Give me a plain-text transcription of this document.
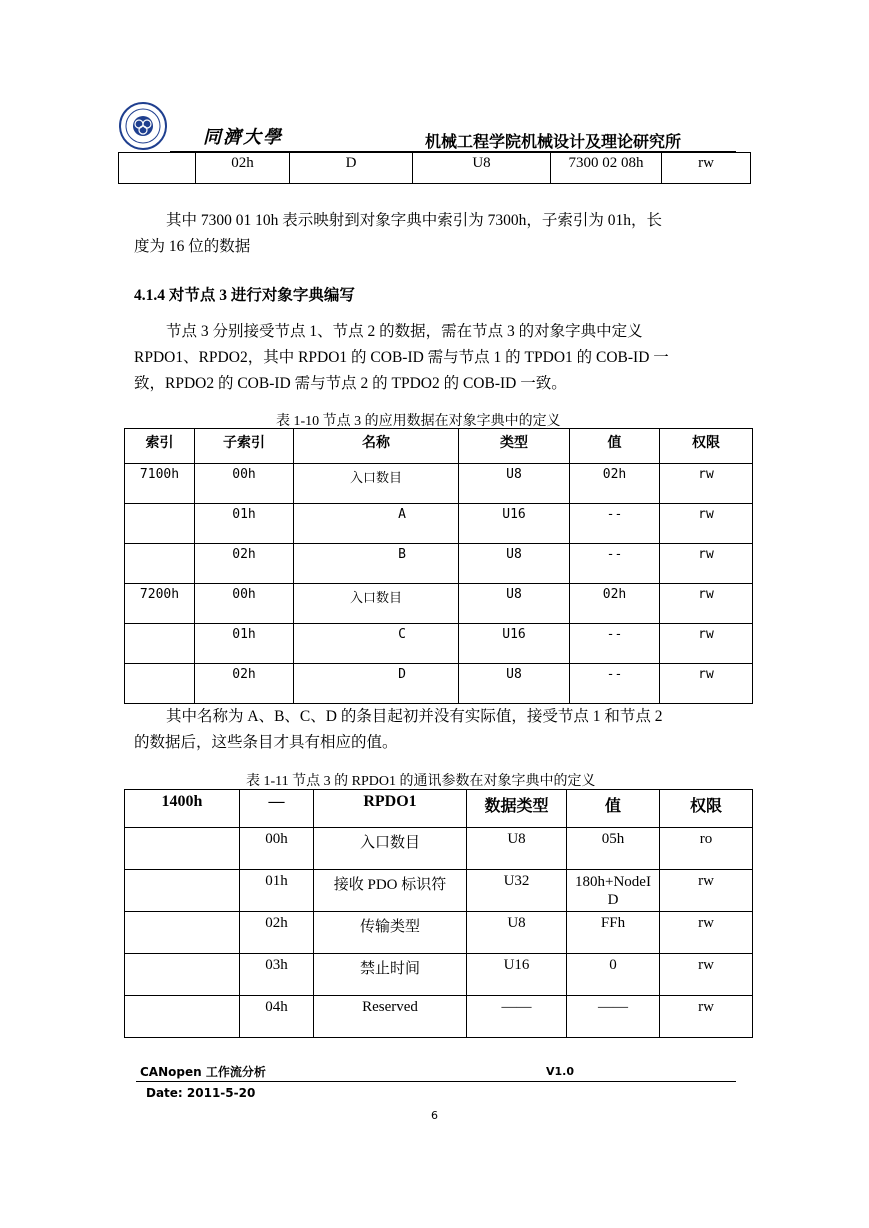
同濟大學	机械工程学院机械设计及理论研究所
	02h	D	U8	7300 02 08h	rw
其中 7300 01 10h 表示映射到对象字典中索引为 7300h，子索引为 01h，长
度为 16 位的数据
4.1.4 对节点 3 进行对象字典编写
节点 3 分别接受节点 1、节点 2 的数据，需在节点 3 的对象字典中定义
RPDO1、RPDO2，其中 RPDO1 的 COB-ID 需与节点 1 的 TPDO1 的 COB-ID 一
致，RPDO2 的 COB-ID 需与节点 2 的 TPDO2 的 COB-ID 一致。
表 1-10 节点 3 的应用数据在对象字典中的定义
索引	子索引	名称	类型	值	权限
7100h	00h	入口数目	U8	02h	rw
	01h	A	U16	--	rw
	02h	B	U8	--	rw
7200h	00h	入口数目	U8	02h	rw
	01h	C	U16	--	rw
	02h	D	U8	--	rw
其中名称为 A、B、C、D 的条目起初并没有实际值，接受节点 1 和节点 2
的数据后，这些条目才具有相应的值。
表 1-11 节点 3 的 RPDO1 的通讯参数在对象字典中的定义
1400h	—	RPDO1	数据类型	值	权限
	00h	入口数目	U8	05h	ro
	01h	接收 PDO 标识符	U32	180h+NodeID	rw
	02h	传输类型	U8	FFh	rw
	03h	禁止时间	U16	0	rw
	04h	Reserved	——	——	rw
CANopen 工作流分析	V1.0
Date: 2011-5-20
6
